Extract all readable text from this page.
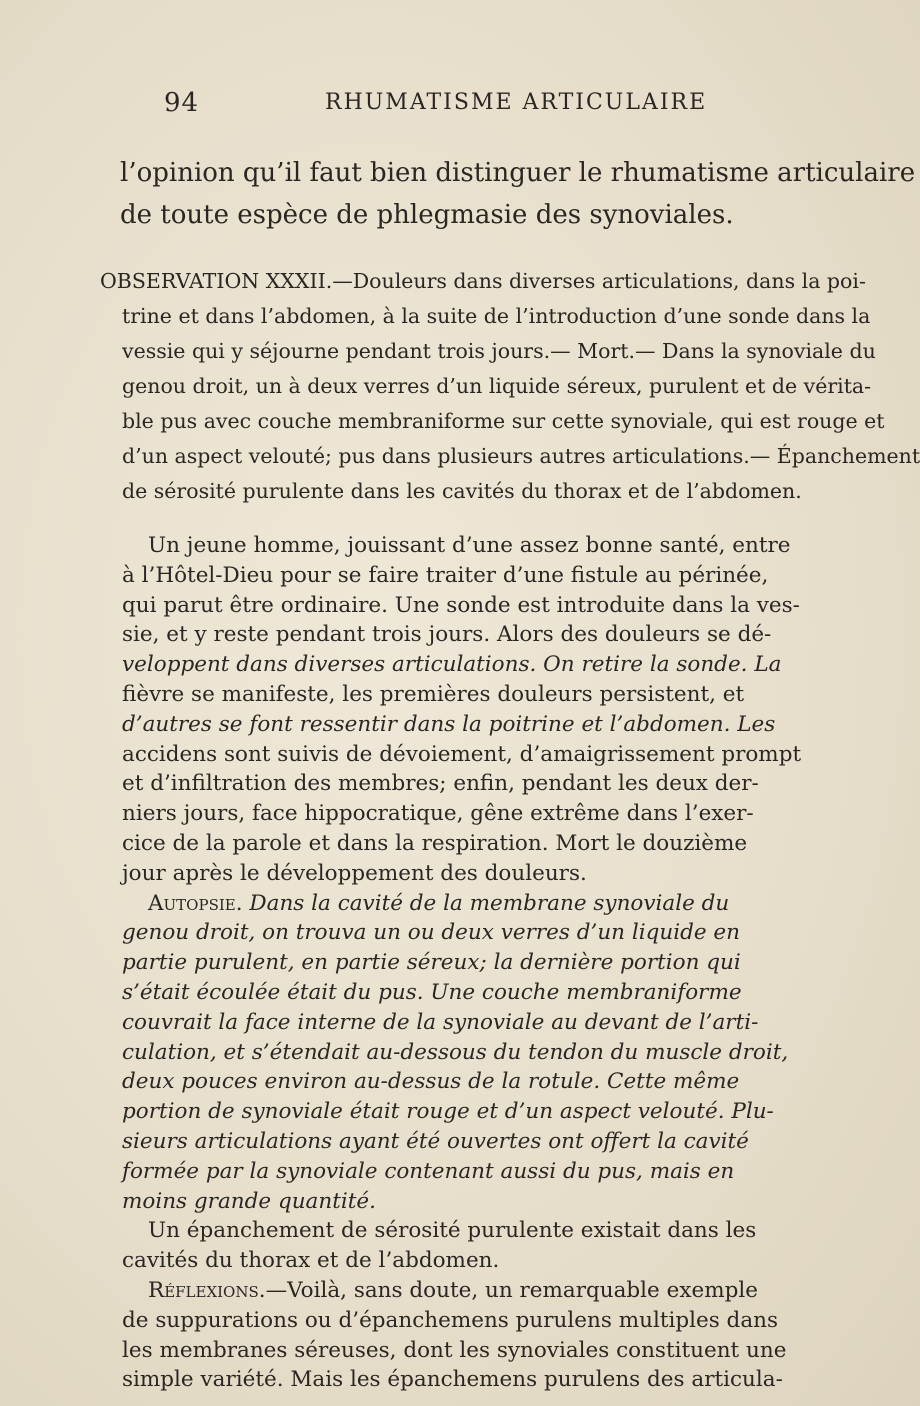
94	RHUMATISME ARTICULAIRE
l’opinion qu’il faut bien distinguer le rhumatisme articulaire
de toute espèce de phlegmasie des synoviales.
OBSERVATION XXXII.—Douleurs dans diverses articulations, dans la poi-
trine et dans l’abdomen, à la suite de l’introduction d’une sonde dans la
vessie qui y séjourne pendant trois jours.— Mort.— Dans la synoviale du
genou droit, un à deux verres d’un liquide séreux, purulent et de vérita-
ble pus avec couche membraniforme sur cette synoviale, qui est rouge et
d’un aspect velouté; pus dans plusieurs autres articulations.— Épanchement
de sérosité purulente dans les cavités du thorax et de l’abdomen.
Un jeune homme, jouissant d’une assez bonne santé, entre
à l’Hôtel-Dieu pour se faire traiter d’une fistule au périnée,
qui parut être ordinaire. Une sonde est introduite dans la ves-
sie, et y reste pendant trois jours. Alors des douleurs se dé-
veloppent dans diverses articulations. On retire la sonde. La
fièvre se manifeste, les premières douleurs persistent, et
d’autres se font ressentir dans la poitrine et l’abdomen. Les
accidens sont suivis de dévoiement, d’amaigrissement prompt
et d’infiltration des membres; enfin, pendant les deux der-
niers jours, face hippocratique, gêne extrême dans l’exer-
cice de la parole et dans la respiration. Mort le douzième
jour après le développement des douleurs.
Autopsie. Dans la cavité de la membrane synoviale du
genou droit, on trouva un ou deux verres d’un liquide en
partie purulent, en partie séreux; la dernière portion qui
s’était écoulée était du pus. Une couche membraniforme
couvrait la face interne de la synoviale au devant de l’arti-
culation, et s’étendait au-dessous du tendon du muscle droit,
deux pouces environ au-dessus de la rotule. Cette même
portion de synoviale était rouge et d’un aspect velouté. Plu-
sieurs articulations ayant été ouvertes ont offert la cavité
formée par la synoviale contenant aussi du pus, mais en
moins grande quantité.
Un épanchement de sérosité purulente existait dans les
cavités du thorax et de l’abdomen.
Réflexions.—Voilà, sans doute, un remarquable exemple
de suppurations ou d’épanchemens purulens multiples dans
les membranes séreuses, dont les synoviales constituent une
simple variété. Mais les épanchemens purulens des articula-
